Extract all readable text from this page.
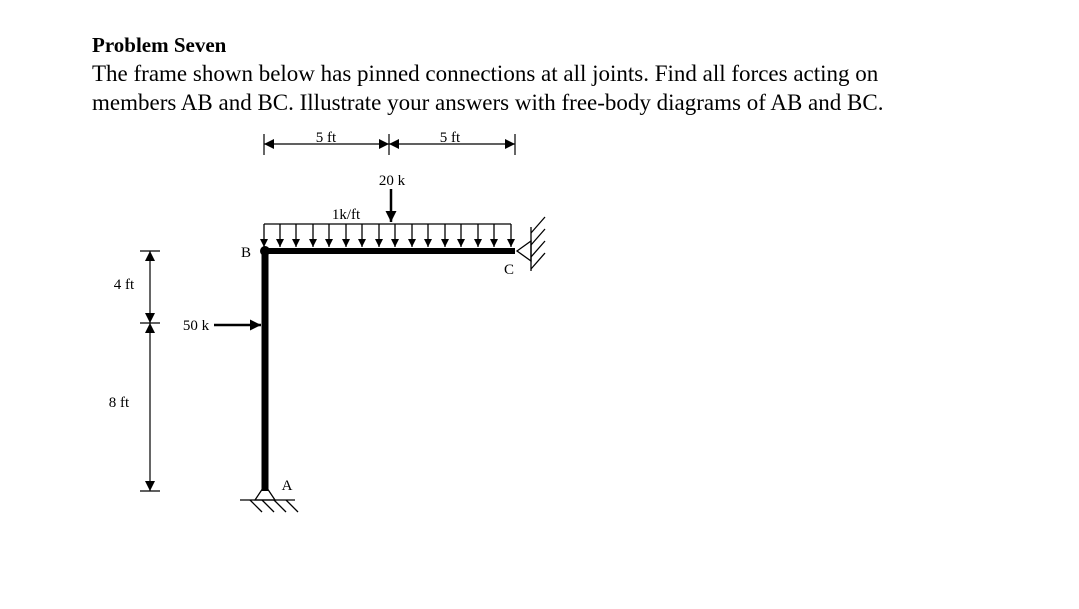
Problem Seven
The frame shown below has pinned connections at all joints. Find all forces acting on
members AB and BC. Illustrate your answers with free-body diagrams of AB and BC.
5 ft	5 ft
4 ft
8 ft
1k/ft
20 k
50 k
A
C
B
